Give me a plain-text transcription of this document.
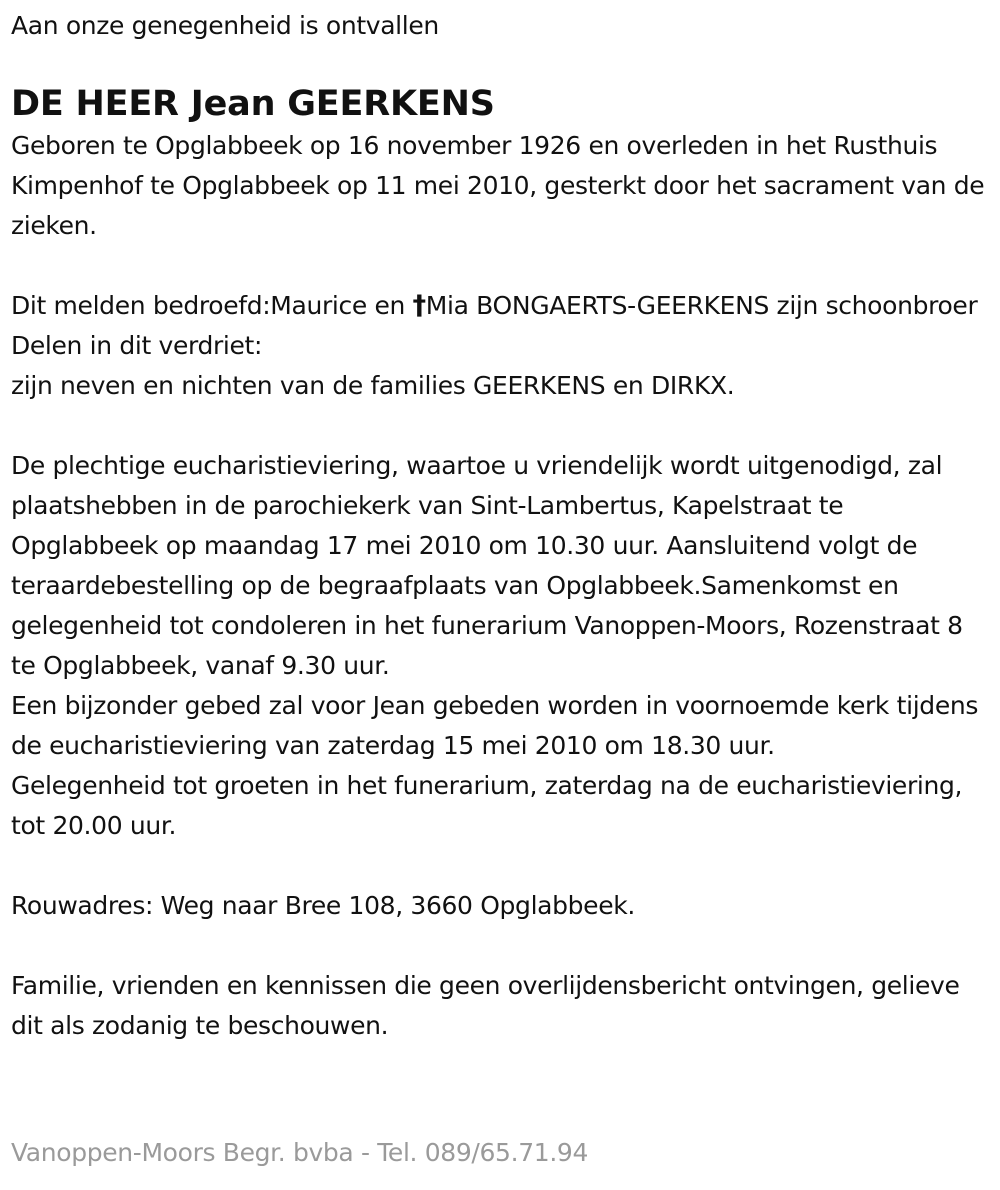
Aan onze genegenheid is ontvallen

DE HEER Jean GEERKENS

Geboren te Opglabbeek op 16 november 1926 en overleden in het Rusthuis Kimpenhof te Opglabbeek op 11 mei 2010, gesterkt door het sacrament van de zieken.

Dit melden bedroefd:Maurice en †Mia BONGAERTS-GEERKENS zijn schoonbroer

Delen in dit verdriet:

zijn neven en nichten van de families GEERKENS en DIRKX.

De plechtige eucharistieviering, waartoe u vriendelijk wordt uitgenodigd, zal plaatshebben in de parochiekerk van Sint-Lambertus, Kapelstraat te Opglabbeek op maandag 17 mei 2010 om 10.30 uur. Aansluitend volgt de teraardebestelling op de begraafplaats van Opglabbeek.Samenkomst en gelegenheid tot condoleren in het funerarium Vanoppen-Moors, Rozenstraat 8 te Opglabbeek, vanaf 9.30 uur.

Een bijzonder gebed zal voor Jean gebeden worden in voornoemde kerk tijdens de eucharistieviering van zaterdag 15 mei 2010 om 18.30 uur.

Gelegenheid tot groeten in het funerarium, zaterdag na de eucharistieviering, tot 20.00 uur.

Rouwadres: Weg naar Bree 108, 3660 Opglabbeek.

Familie, vrienden en kennissen die geen overlijdensbericht ontvingen, gelieve dit als zodanig te beschouwen.

Vanoppen-Moors Begr. bvba - Tel. 089/65.71.94
